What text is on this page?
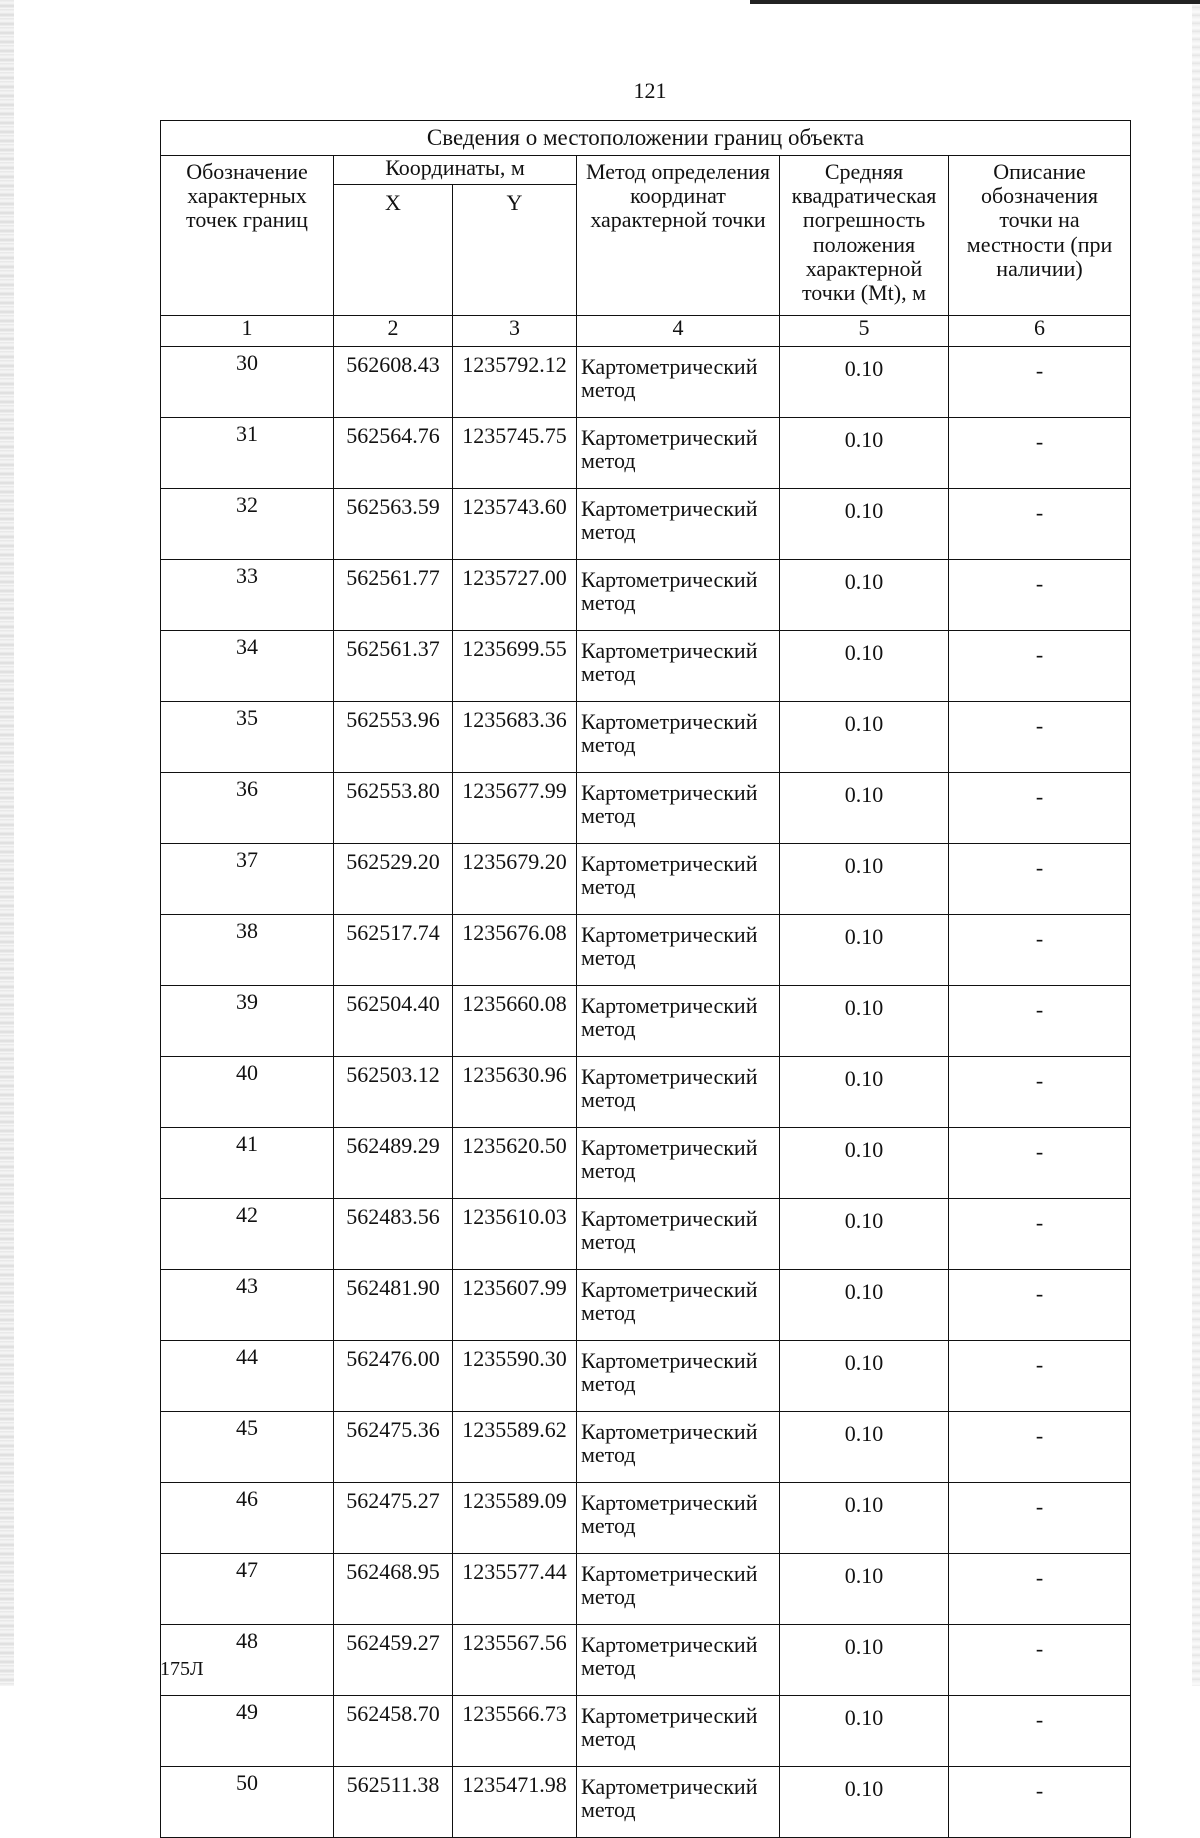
121
Сведения о местоположении границ объекта					
Обозначение характерных точек границ	Координаты, м		Метод определения координат характерной точки	Средняя квадратическая погрешность положения характерной точки (Mt), м	Описание обозначения точки на местности (при наличии)
	X	Y			
1	2	3	4	5	6
30	562608.43	1235792.12	Картометрический метод	0.10	-
31	562564.76	1235745.75	Картометрический метод	0.10	-
32	562563.59	1235743.60	Картометрический метод	0.10	-
33	562561.77	1235727.00	Картометрический метод	0.10	-
34	562561.37	1235699.55	Картометрический метод	0.10	-
35	562553.96	1235683.36	Картометрический метод	0.10	-
36	562553.80	1235677.99	Картометрический метод	0.10	-
37	562529.20	1235679.20	Картометрический метод	0.10	-
38	562517.74	1235676.08	Картометрический метод	0.10	-
39	562504.40	1235660.08	Картометрический метод	0.10	-
40	562503.12	1235630.96	Картометрический метод	0.10	-
41	562489.29	1235620.50	Картометрический метод	0.10	-
42	562483.56	1235610.03	Картометрический метод	0.10	-
43	562481.90	1235607.99	Картометрический метод	0.10	-
44	562476.00	1235590.30	Картометрический метод	0.10	-
45	562475.36	1235589.62	Картометрический метод	0.10	-
46	562475.27	1235589.09	Картометрический метод	0.10	-
47	562468.95	1235577.44	Картометрический метод	0.10	-
48	562459.27	1235567.56	Картометрический метод	0.10	-
49	562458.70	1235566.73	Картометрический метод	0.10	-
50	562511.38	1235471.98	Картометрический метод	0.10	-
175Л
